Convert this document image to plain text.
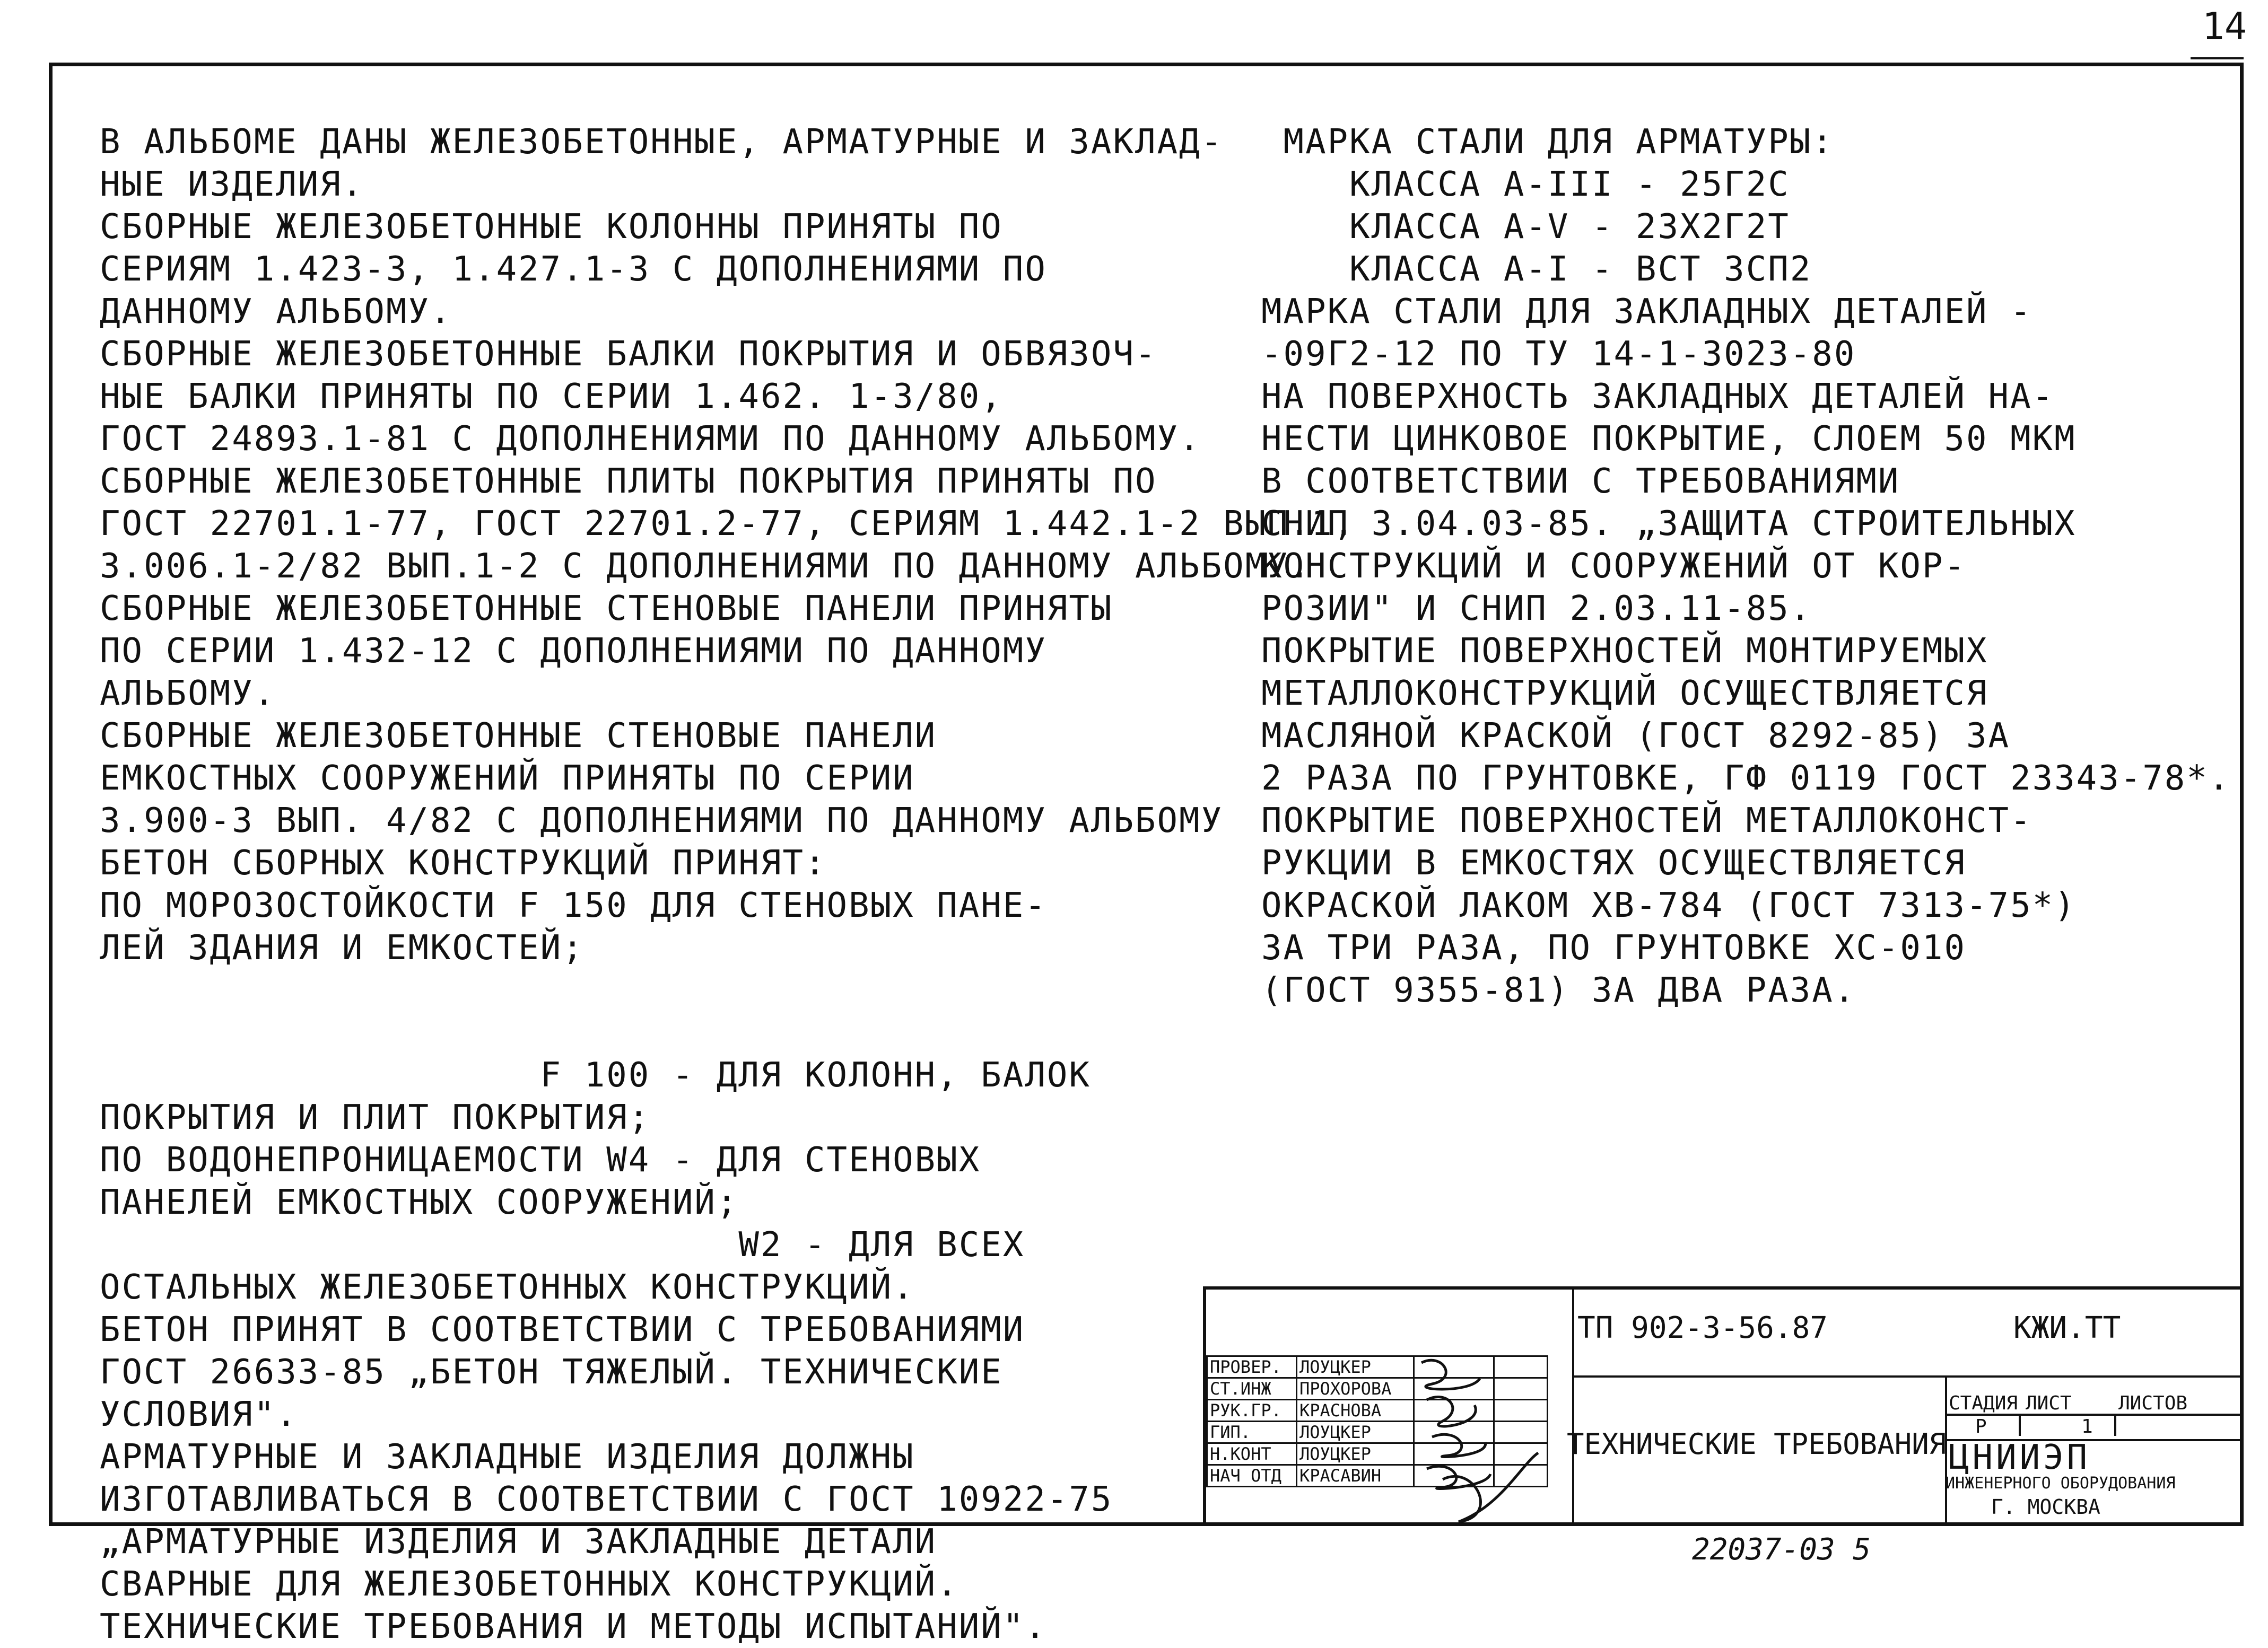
14
В АЛЬБОМЕ ДАНЫ ЖЕЛЕЗОБЕТОННЫЕ, АРМАТУРНЫЕ И ЗАКЛАД-
НЫЕ ИЗДЕЛИЯ.
СБОРНЫЕ ЖЕЛЕЗОБЕТОННЫЕ КОЛОННЫ ПРИНЯТЫ ПО
СЕРИЯМ 1.423-3, 1.427.1-3 С ДОПОЛНЕНИЯМИ ПО
ДАННОМУ АЛЬБОМУ.
СБОРНЫЕ ЖЕЛЕЗОБЕТОННЫЕ БАЛКИ ПОКРЫТИЯ И ОБВЯЗОЧ-
НЫЕ БАЛКИ ПРИНЯТЫ ПО СЕРИИ 1.462. 1-3/80,
ГОСТ 24893.1-81 С ДОПОЛНЕНИЯМИ ПО ДАННОМУ АЛЬБОМУ.
СБОРНЫЕ ЖЕЛЕЗОБЕТОННЫЕ ПЛИТЫ ПОКРЫТИЯ ПРИНЯТЫ ПО
ГОСТ 22701.1-77, ГОСТ 22701.2-77, СЕРИЯМ 1.442.1-2 ВЫП.1,
3.006.1-2/82 ВЫП.1-2 С ДОПОЛНЕНИЯМИ ПО ДАННОМУ АЛЬБОМУ.
СБОРНЫЕ ЖЕЛЕЗОБЕТОННЫЕ СТЕНОВЫЕ ПАНЕЛИ ПРИНЯТЫ
ПО СЕРИИ 1.432-12 С ДОПОЛНЕНИЯМИ ПО ДАННОМУ
АЛЬБОМУ.
СБОРНЫЕ ЖЕЛЕЗОБЕТОННЫЕ СТЕНОВЫЕ ПАНЕЛИ
ЕМКОСТНЫХ СООРУЖЕНИЙ ПРИНЯТЫ ПО СЕРИИ
3.900-3 ВЫП. 4/82 С ДОПОЛНЕНИЯМИ ПО ДАННОМУ АЛЬБОМУ
БЕТОН СБОРНЫХ КОНСТРУКЦИЙ ПРИНЯТ:
ПО МОРОЗОСТОЙКОСТИ F 150 ДЛЯ СТЕНОВЫХ ПАНЕ-
ЛЕЙ ЗДАНИЯ И ЕМКОСТЕЙ;

F 100 - ДЛЯ КОЛОНН, БАЛОК
ПОКРЫТИЯ И ПЛИТ ПОКРЫТИЯ;
ПО ВОДОНЕПРОНИЦАЕМОСТИ W4 - ДЛЯ СТЕНОВЫХ
ПАНЕЛЕЙ ЕМКОСТНЫХ СООРУЖЕНИЙ;
W2 - ДЛЯ ВСЕХ
ОСТАЛЬНЫХ ЖЕЛЕЗОБЕТОННЫХ КОНСТРУКЦИЙ.
БЕТОН ПРИНЯТ В СООТВЕТСТВИИ С ТРЕБОВАНИЯМИ
ГОСТ 26633-85 „БЕТОН ТЯЖЕЛЫЙ. ТЕХНИЧЕСКИЕ
УСЛОВИЯ".
АРМАТУРНЫЕ И ЗАКЛАДНЫЕ ИЗДЕЛИЯ ДОЛЖНЫ
ИЗГОТАВЛИВАТЬСЯ В СООТВЕТСТВИИ С ГОСТ 10922-75
„АРМАТУРНЫЕ ИЗДЕЛИЯ И ЗАКЛАДНЫЕ ДЕТАЛИ
СВАРНЫЕ ДЛЯ ЖЕЛЕЗОБЕТОННЫХ КОНСТРУКЦИЙ.
ТЕХНИЧЕСКИЕ ТРЕБОВАНИЯ И МЕТОДЫ ИСПЫТАНИЙ".
МАРКА СТАЛИ ДЛЯ АРМАТУРЫ:
КЛАССА А-III - 25Г2С
КЛАССА А-V - 23Х2Г2Т
КЛАССА А-I - ВСТ 3СП2
МАРКА СТАЛИ ДЛЯ ЗАКЛАДНЫХ ДЕТАЛЕЙ -
-09Г2-12 ПО ТУ 14-1-3023-80
НА ПОВЕРХНОСТЬ ЗАКЛАДНЫХ ДЕТАЛЕЙ НА-
НЕСТИ ЦИНКОВОЕ ПОКРЫТИЕ, СЛОЕМ 50 МКМ
В СООТВЕТСТВИИ С ТРЕБОВАНИЯМИ
СНИП 3.04.03-85. „ЗАЩИТА СТРОИТЕЛЬНЫХ
КОНСТРУКЦИЙ И СООРУЖЕНИЙ ОТ КОР-
РОЗИИ" И СНИП 2.03.11-85.
ПОКРЫТИЕ ПОВЕРХНОСТЕЙ МОНТИРУЕМЫХ
МЕТАЛЛОКОНСТРУКЦИЙ ОСУЩЕСТВЛЯЕТСЯ
МАСЛЯНОЙ КРАСКОЙ (ГОСТ 8292-85) ЗА
2 РАЗА ПО ГРУНТОВКЕ, ГФ 0119 ГОСТ 23343-78*.
ПОКРЫТИЕ ПОВЕРХНОСТЕЙ МЕТАЛЛОКОНСТ-
РУКЦИИ В ЕМКОСТЯХ ОСУЩЕСТВЛЯЕТСЯ
ОКРАСКОЙ ЛАКОМ ХВ-784 (ГОСТ 7313-75*)
ЗА ТРИ РАЗА, ПО ГРУНТОВКЕ ХС-010
(ГОСТ 9355-81) ЗА ДВА РАЗА.
ПРОВЕР.	ЛОУЦКЕР		
СТ.ИНЖ	ПРОХОРОВА		
РУК.ГР.	КРАСНОВА		
ГИП.	ЛОУЦКЕР		
Н.КОНТ	ЛОУЦКЕР		
НАЧ ОТД	КРАСАВИН		
ТП 902-3-56.87	КЖИ.ТТ
ТЕХНИЧЕСКИЕ ТРЕБОВАНИЯ
СТАДИЯ ЛИСТ ЛИСТОВ
Р	1

ЦНИИЭП
ИНЖЕНЕРНОГО ОБОРУДОВАНИЯ
Г. МОСКВА
22037-03 5
